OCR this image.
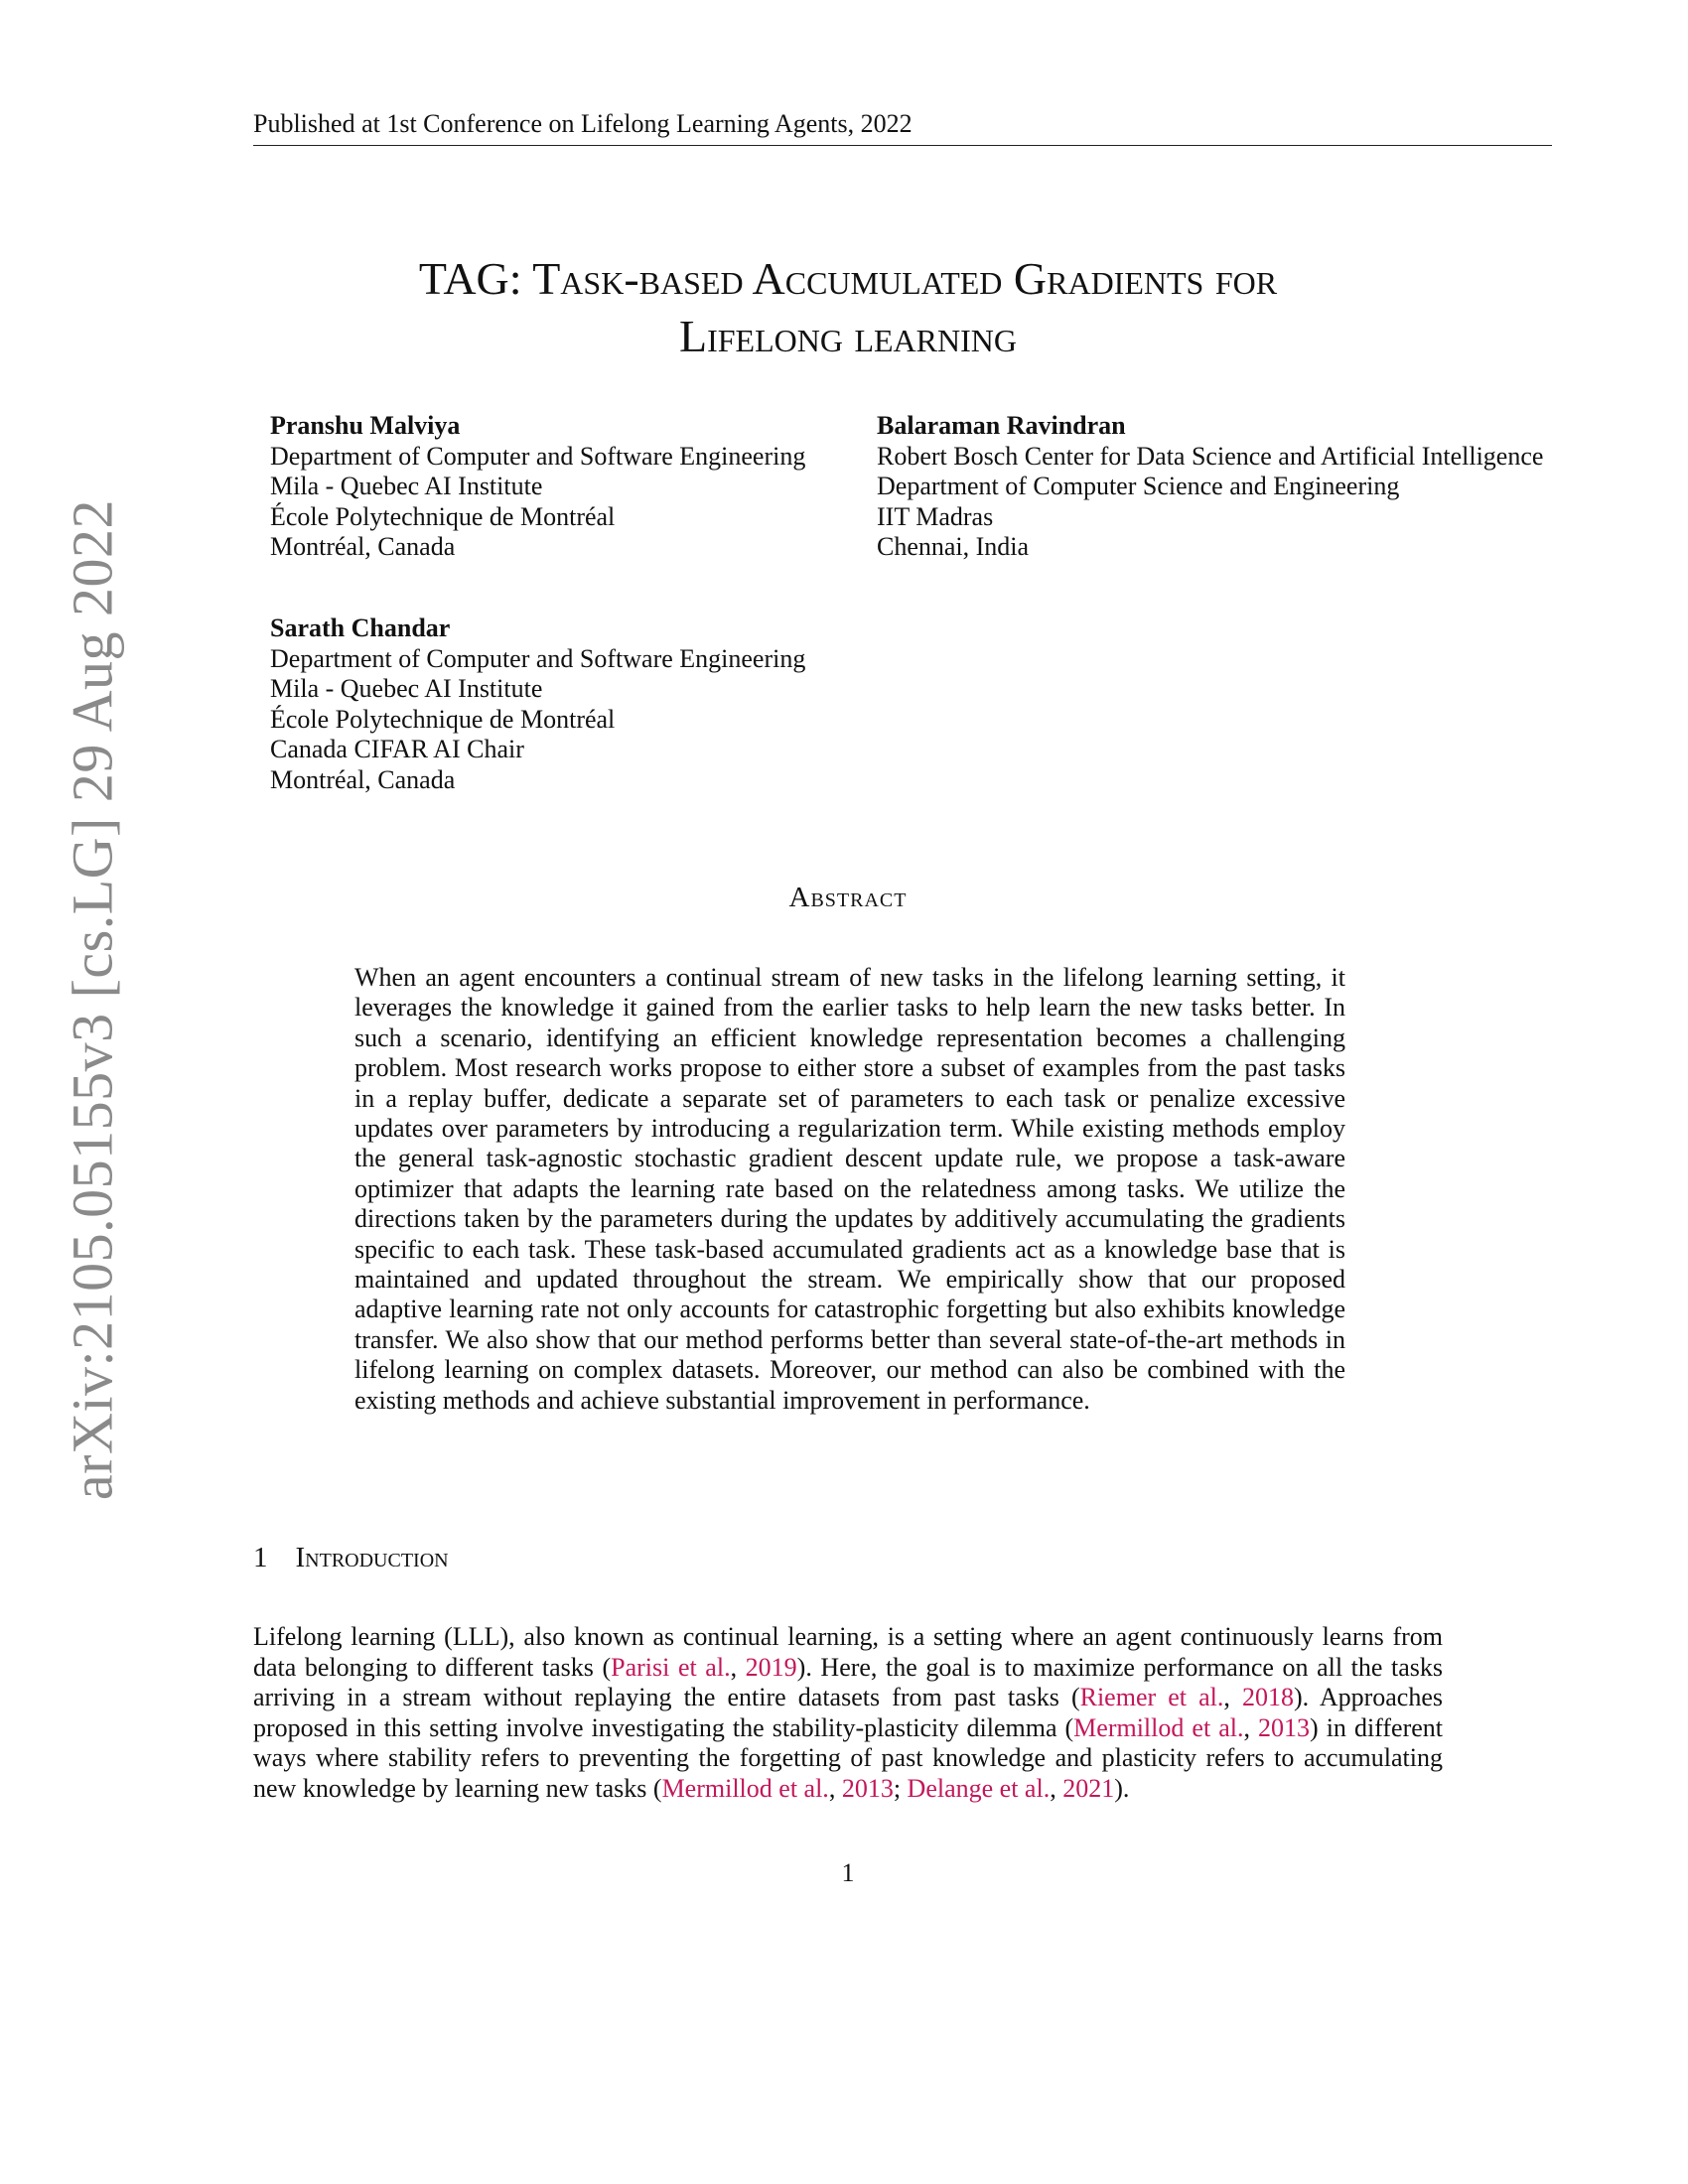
Published at 1st Conference on Lifelong Learning Agents, 2022
arXiv:2105.05155v3 [cs.LG] 29 Aug 2022
TAG: Task-based Accumulated Gradients for
Lifelong learning
Pranshu Malviya
Department of Computer and Software Engineering
Mila - Quebec AI Institute
École Polytechnique de Montréal
Montréal, Canada
Balaraman Ravindran
Robert Bosch Center for Data Science and Artificial Intelligence
Department of Computer Science and Engineering
IIT Madras
Chennai, India
Sarath Chandar
Department of Computer and Software Engineering
Mila - Quebec AI Institute
École Polytechnique de Montréal
Canada CIFAR AI Chair
Montréal, Canada
Abstract
When an agent encounters a continual stream of new tasks in the lifelong learning setting, it leverages the knowledge it gained from the earlier tasks to help learn the new tasks better. In such a scenario, identifying an efficient knowledge representation becomes a challenging problem. Most research works propose to either store a subset of examples from the past tasks in a replay buffer, dedicate a separate set of parameters to each task or penalize excessive updates over parameters by introducing a regularization term. While existing methods employ the general task-agnostic stochastic gradient descent update rule, we propose a task-aware optimizer that adapts the learning rate based on the relatedness among tasks. We utilize the directions taken by the parameters during the updates by additively accumulating the gradients specific to each task. These task-based accumulated gradients act as a knowledge base that is maintained and updated throughout the stream. We empirically show that our proposed adaptive learning rate not only accounts for catastrophic forgetting but also exhibits knowledge transfer. We also show that our method performs better than several state-of-the-art methods in lifelong learning on complex datasets. Moreover, our method can also be combined with the existing methods and achieve substantial improvement in performance.
1 Introduction
Lifelong learning (LLL), also known as continual learning, is a setting where an agent continuously learns from data belonging to different tasks (Parisi et al., 2019). Here, the goal is to maximize performance on all the tasks arriving in a stream without replaying the entire datasets from past tasks (Riemer et al., 2018). Approaches proposed in this setting involve investigating the stability-plasticity dilemma (Mermillod et al., 2013) in different ways where stability refers to preventing the forgetting of past knowledge and plasticity refers to accumulating new knowledge by learning new tasks (Mermillod et al., 2013; Delange et al., 2021).
1
